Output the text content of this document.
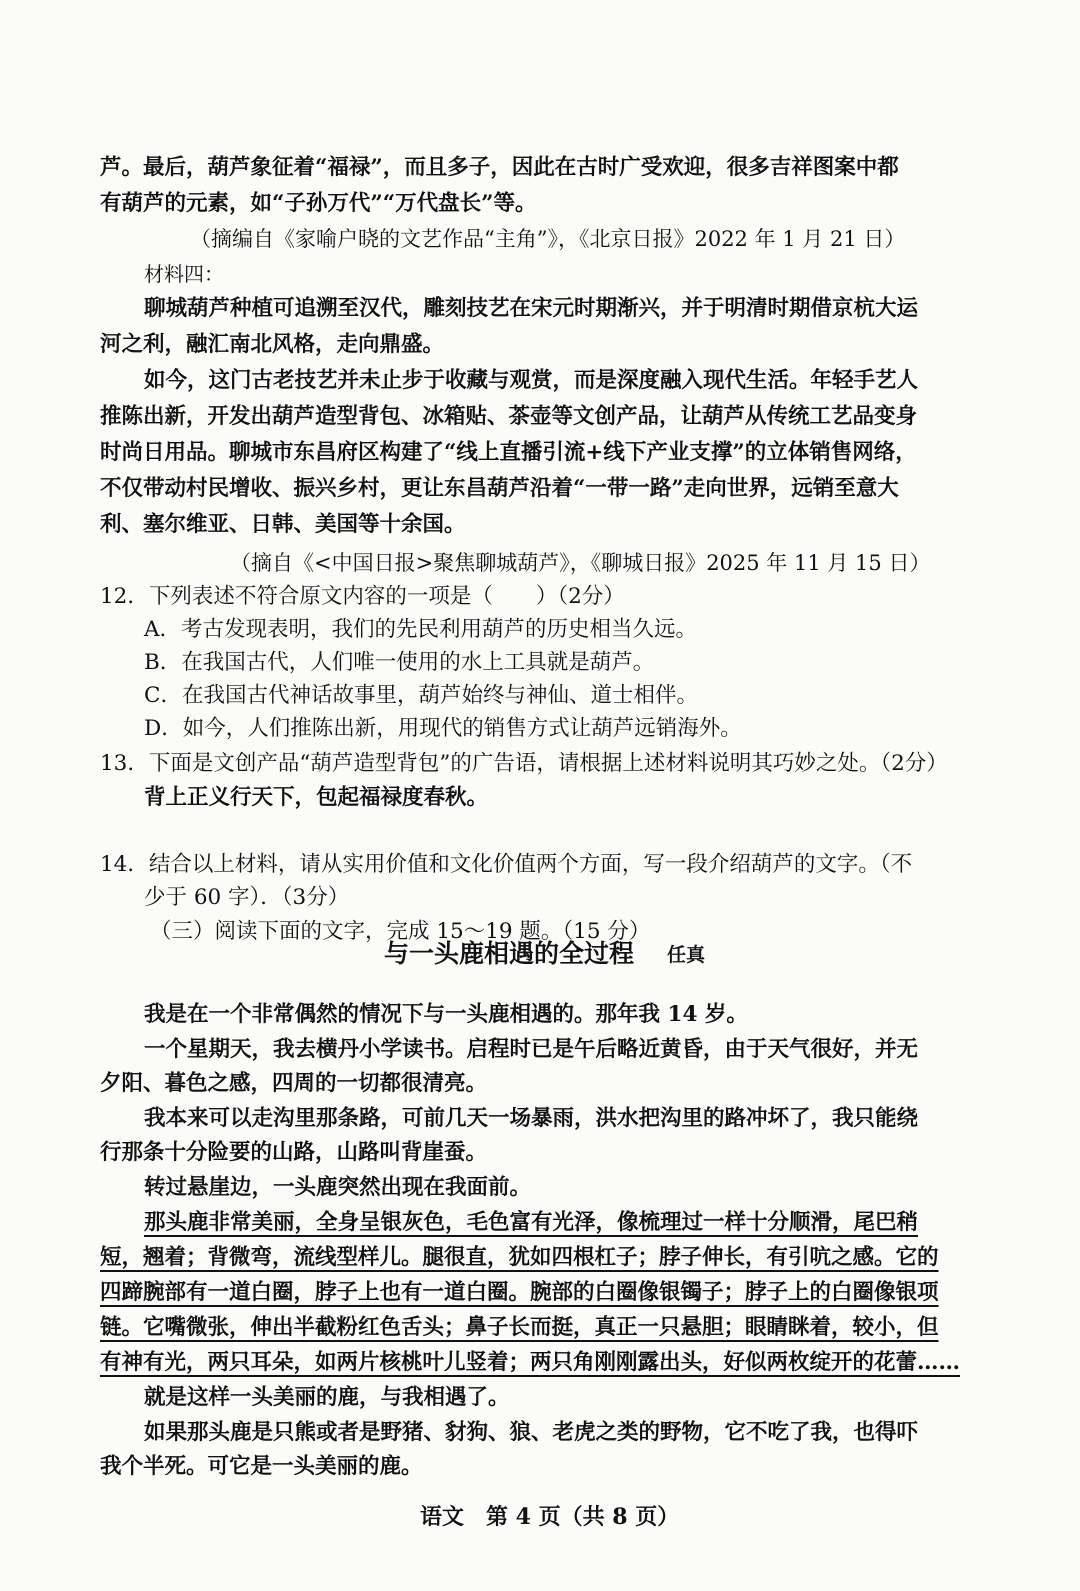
芦。最后，葫芦象征着“福禄”，而且多子，因此在古时广受欢迎，很多吉祥图案中都
有葫芦的元素，如“子孙万代”“万代盘长”等。
（摘编自《家喻户晓的文艺作品“主角”》，《北京日报》2022 年 1 月 21 日）
材料四：
聊城葫芦种植可追溯至汉代，雕刻技艺在宋元时期渐兴，并于明清时期借京杭大运
河之利，融汇南北风格，走向鼎盛。
如今，这门古老技艺并未止步于收藏与观赏，而是深度融入现代生活。年轻手艺人
推陈出新，开发出葫芦造型背包、冰箱贴、茶壶等文创产品，让葫芦从传统工艺品变身
时尚日用品。聊城市东昌府区构建了“线上直播引流+线下产业支撑”的立体销售网络，
不仅带动村民增收、振兴乡村，更让东昌葫芦沿着“一带一路”走向世界，远销至意大
利、塞尔维亚、日韩、美国等十余国。
（摘自《<中国日报>聚焦聊城葫芦》，《聊城日报》2025 年 11 月 15 日）
12．下列表述不符合原文内容的一项是（　　）（2分）
A．考古发现表明，我们的先民利用葫芦的历史相当久远。
B．在我国古代，人们唯一使用的水上工具就是葫芦。
C．在我国古代神话故事里，葫芦始终与神仙、道士相伴。
D．如今，人们推陈出新，用现代的销售方式让葫芦远销海外。
13．下面是文创产品“葫芦造型背包”的广告语，请根据上述材料说明其巧妙之处。（2分）
背上正义行天下，包起福禄度春秋。
14．结合以上材料，请从实用价值和文化价值两个方面，写一段介绍葫芦的文字。（不
少于 60 字）．（3分）
（三）阅读下面的文字，完成 15～19 题。（15 分）
与一头鹿相遇的全过程 任真
我是在一个非常偶然的情况下与一头鹿相遇的。那年我 14 岁。
一个星期天，我去横丹小学读书。启程时已是午后略近黄昏，由于天气很好，并无
夕阳、暮色之感，四周的一切都很清亮。
我本来可以走沟里那条路，可前几天一场暴雨，洪水把沟里的路冲坏了，我只能绕
行那条十分险要的山路，山路叫背崖蚕。
转过悬崖边，一头鹿突然出现在我面前。
那头鹿非常美丽，全身呈银灰色，毛色富有光泽，像梳理过一样十分顺滑，尾巴稍
短，翘着；背微弯，流线型样儿。腿很直，犹如四根杠子；脖子伸长，有引吭之感。它的
四蹄腕部有一道白圈，脖子上也有一道白圈。腕部的白圈像银镯子；脖子上的白圈像银项
链。它嘴微张，伸出半截粉红色舌头；鼻子长而挺，真正一只悬胆；眼睛眯着，较小，但
有神有光，两只耳朵，如两片核桃叶儿竖着；两只角刚刚露出头，好似两枚绽开的花蕾……
就是这样一头美丽的鹿，与我相遇了。
如果那头鹿是只熊或者是野猪、豺狗、狼、老虎之类的野物，它不吃了我，也得吓
我个半死。可它是一头美丽的鹿。
语文　第 4 页（共 8 页）
